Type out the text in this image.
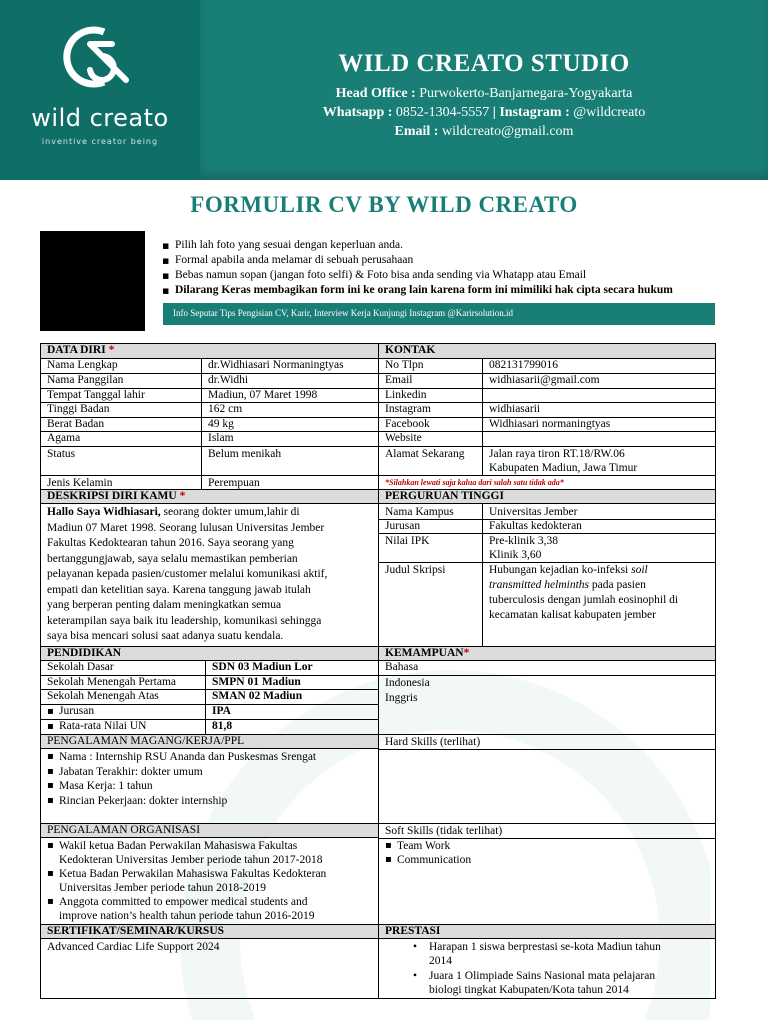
wild creato
inventive creator being
WILD CREATO STUDIO
Head Office : Purwokerto-Banjarnegara-Yogyakarta
Whatsapp : 0852-1304-5557 | Instagram : @wildcreato
Email : wildcreato@gmail.com
FORMULIR CV BY WILD CREATO
▪ Pilih lah foto yang sesuai dengan keperluan anda.
▪ Formal apabila anda melamar di sebuah perusahaan
▪ Bebas namun sopan (jangan foto selfi) & Foto bisa anda sending via Whatapp atau Email
▪ Dilarang Keras membagikan form ini ke orang lain karena form ini mimiliki hak cipta secara hukum
Info Seputar Tips Pengisian CV, Karir, Interview Kerja Kunjungi Instagram @Karirsolution.id
DATA DIRI *
Nama Lengkap	dr.Widhiasari Normaningtyas
Nama Panggilan	dr.Widhi
Tempat Tanggal lahir	Madiun, 07 Maret 1998
Tinggi Badan	162 cm
Berat Badan	49 kg
Agama	Islam
Status	Belum menikah
Jenis Kelamin	Perempuan
KONTAK
No Tlpn	082131799016
Email	widhiasarii@gmail.com
Linkedin
Instagram	widhiasarii
Facebook	Widhiasari normaningtyas
Website
Alamat Sekarang	Jalan raya tiron RT.18/RW.06
Kabupaten Madiun, Jawa Timur
*Silahkan lewati saja kalua dari salah satu tidak ada*
DESKRIPSI DIRI KAMU *	PERGURUAN TINGGI
Hallo Saya Widhiasari, seorang dokter umum,lahir di
Madiun 07 Maret 1998. Seorang lulusan Universitas Jember
Fakultas Kedoktearan tahun 2016. Saya seorang yang
bertanggungjawab, saya selalu memastikan pemberian
pelayanan kepada pasien/customer melalui komunikasi aktif,
empati dan ketelitian saya. Karena tanggung jawab itulah
yang berperan penting dalam meningkatkan semua
keterampilan saya baik itu leadership, komunikasi sehingga
saya bisa mencari solusi saat adanya suatu kendala.
Nama Kampus	Universitas Jember
Jurusan	Fakultas kedokteran
Nilai IPK	Pre-klinik 3,38
Klinik 3,60
Judul Skripsi	Hubungan kejadian ko-infeksi soil
transmitted helminths pada pasien
tuberculosis dengan jumlah eosinophil di
kecamatan kalisat kabupaten jember
PENDIDIKAN	KEMAMPUAN*
Sekolah Dasar	SDN 03 Madiun Lor
Sekolah Menengah Pertama	SMPN 01 Madiun
Sekolah Menengah Atas	SMAN 02 Madiun
▪ Jurusan	IPA
▪ Rata-rata Nilai UN	81,8
Bahasa
Indonesia
Inggris
PENGALAMAN MAGANG/KERJA/PPL	Hard Skills (terlihat)
▪ Nama : Internship RSU Ananda dan Puskesmas Srengat
▪ Jabatan Terakhir: dokter umum
▪ Masa Kerja: 1 tahun
▪ Rincian Pekerjaan: dokter internship
PENGALAMAN ORGANISASI	Soft Skills (tidak terlihat)
▪ Team Work
▪ Communication
▪ Wakil ketua Badan Perwakilan Mahasiswa Fakultas
Kedokteran Universitas Jember periode tahun 2017-2018
▪ Ketua Badan Perwakilan Mahasiswa Fakultas Kedokteran
Universitas Jember periode tahun 2018-2019
▪ Anggota committed to empower medical students and
improve nation’s health tahun periode tahun 2016-2019
SERTIFIKAT/SEMINAR/KURSUS	PRESTASI
Advanced Cardiac Life Support 2024
•	Harapan 1 siswa berprestasi se-kota Madiun tahun
2014
• Juara 1 Olimpiade Sains Nasional mata pelajaran
biologi tingkat Kabupaten/Kota tahun 2014
